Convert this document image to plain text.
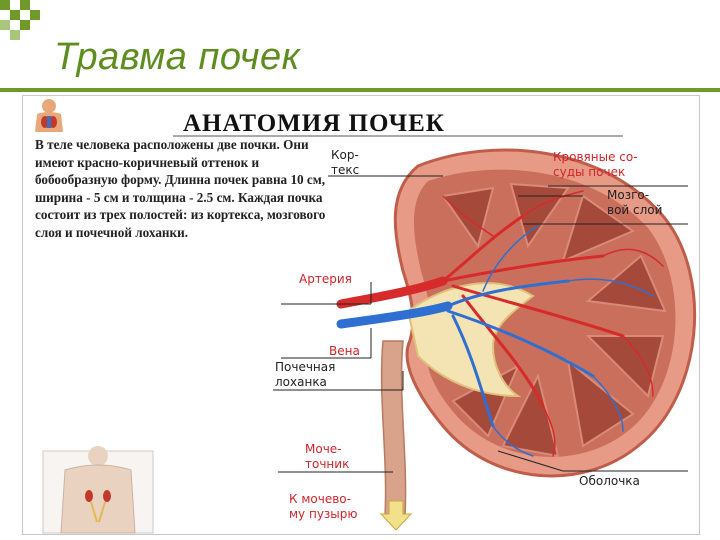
Травма почек
АНАТОМИЯ ПОЧЕК
В теле человека расположены две почки. Они имеют красно-коричневый оттенок и бобообразную форму. Длинна почек равна 10 см, ширина - 5 см и толщина - 2.5 см. Каждая почка состоит из трех полостей: из кортекса, мозгового слоя и почечной лоханки.
Кор-
текс
Кровяные со-
суды почек
Мозго-
вой слой
Артерия
Вена
Почечная
лоханка
Моче-
точник
К мочево-
му пузырю
Оболочка
